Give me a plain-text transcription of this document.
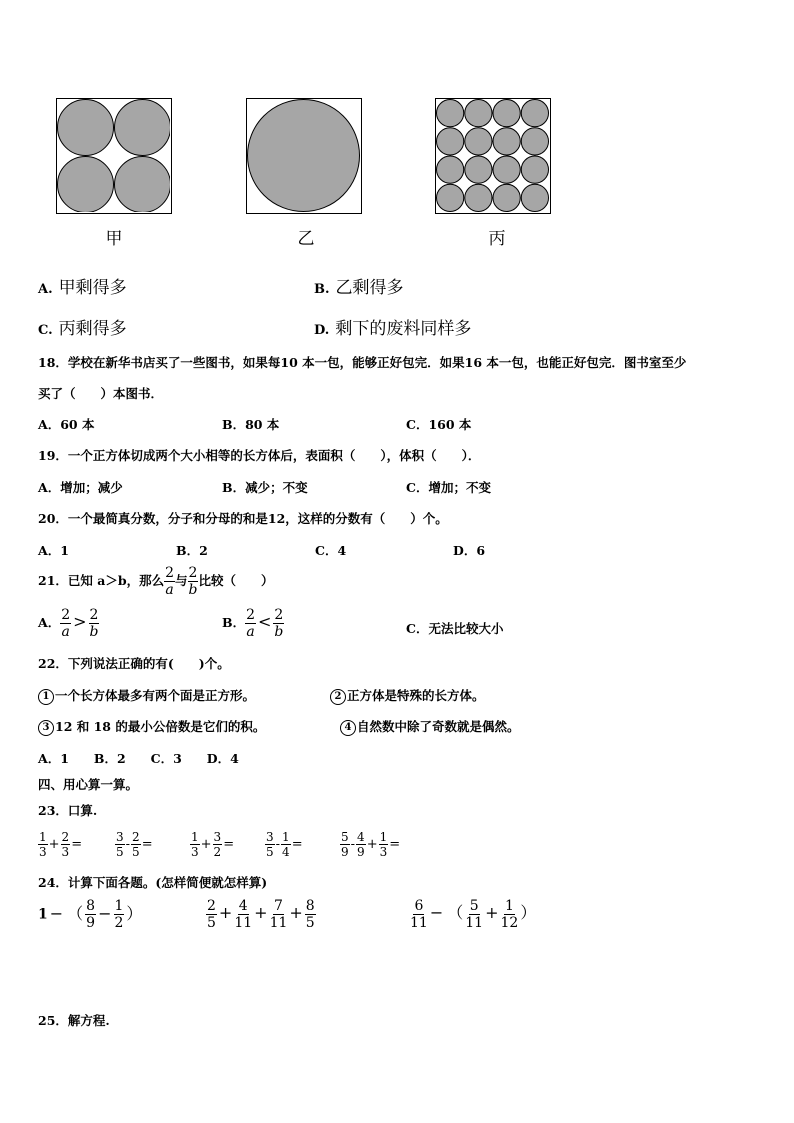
甲	乙	丙
A. 甲剩得多	B. 乙剩得多
C. 丙剩得多	D. 剩下的废料同样多
18．学校在新华书店买了一些图书，如果每10 本一包，能够正好包完．如果16 本一包，也能正好包完．图书室至少
买了（　　）本图书．
A．60 本	B．80 本	C．160 本
19．一个正方体切成两个大小相等的长方体后，表面积（　　），体积（　　）．
A．增加；减少	B．减少；不变	C．增加；不变
20．一个最简真分数，分子和分母的和是12，这样的分数有（　　）个。
A．1	B．2	C．4	D．6
21．已知 a＞b，那么 $\frac{2}{a}$ 与 $\frac{2}{b}$ 比较（　　）
A． $\frac{2}{a} > \frac{2}{b}$	B． $\frac{2}{a} < \frac{2}{b}$	C．无法比较大小
22．下列说法正确的有(　　)个。
1 一个长方体最多有两个面是正方形。	2 正方体是特殊的长方体。
3 12 和 18 的最小公倍数是它们的积。	4 自然数中除了奇数就是偶然。
A．1　　B．2　　C．3　　D．4
四、用心算一算。
23．口算.
$\frac{1}{3} + \frac{2}{3}$ =	$\frac{3}{5} - \frac{2}{5}$ =	$\frac{1}{3} + \frac{3}{2}$ =	$\frac{3}{5} - \frac{1}{4}$ =	$\frac{5}{9} - \frac{4}{9} + \frac{1}{3}$ =
24．计算下面各题。(怎样简便就怎样算)
1 − （ $\frac{8}{9} - \frac{1}{2}$ ）	$\frac{2}{5} + \frac{4}{11} + \frac{7}{11} + \frac{8}{5}$	$\frac{6}{11}$ − （ $\frac{5}{11} + \frac{1}{12}$ ）
25．解方程.
